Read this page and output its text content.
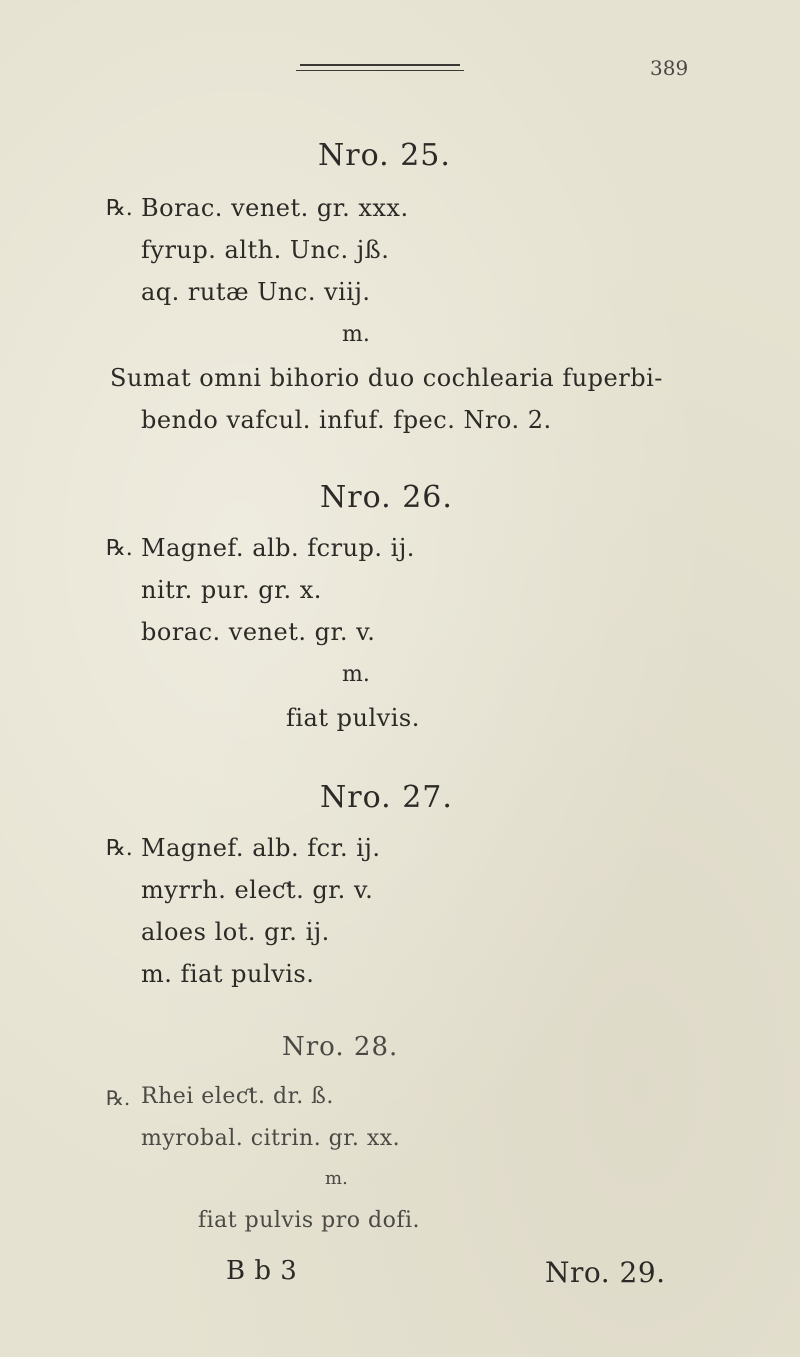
389
Nro. 25.
℞. Borac. venet. gr. xxx.
fyrup. alth. Unc. jß.
aq. rutæ Unc. viij.
m.
Sumat omni bihorio duo cochlearia fuperbi-
bendo vafcul. infuf. fpec. Nro. 2.
Nro. 26.
℞. Magnef. alb. fcrup. ij.
nitr. pur. gr. x.
borac. venet. gr. v.
m.
fiat pulvis.
Nro. 27.
℞. Magnef. alb. fcr. ij.
myrrh. eleƈt. gr. v.
aloes lot. gr. ij.
m. fiat pulvis.
Nro. 28.
℞. Rhei eleƈt. dr. ß.
myrobal. citrin. gr. xx.
m.
fiat pulvis pro dofi.
B b 3	Nro. 29.
